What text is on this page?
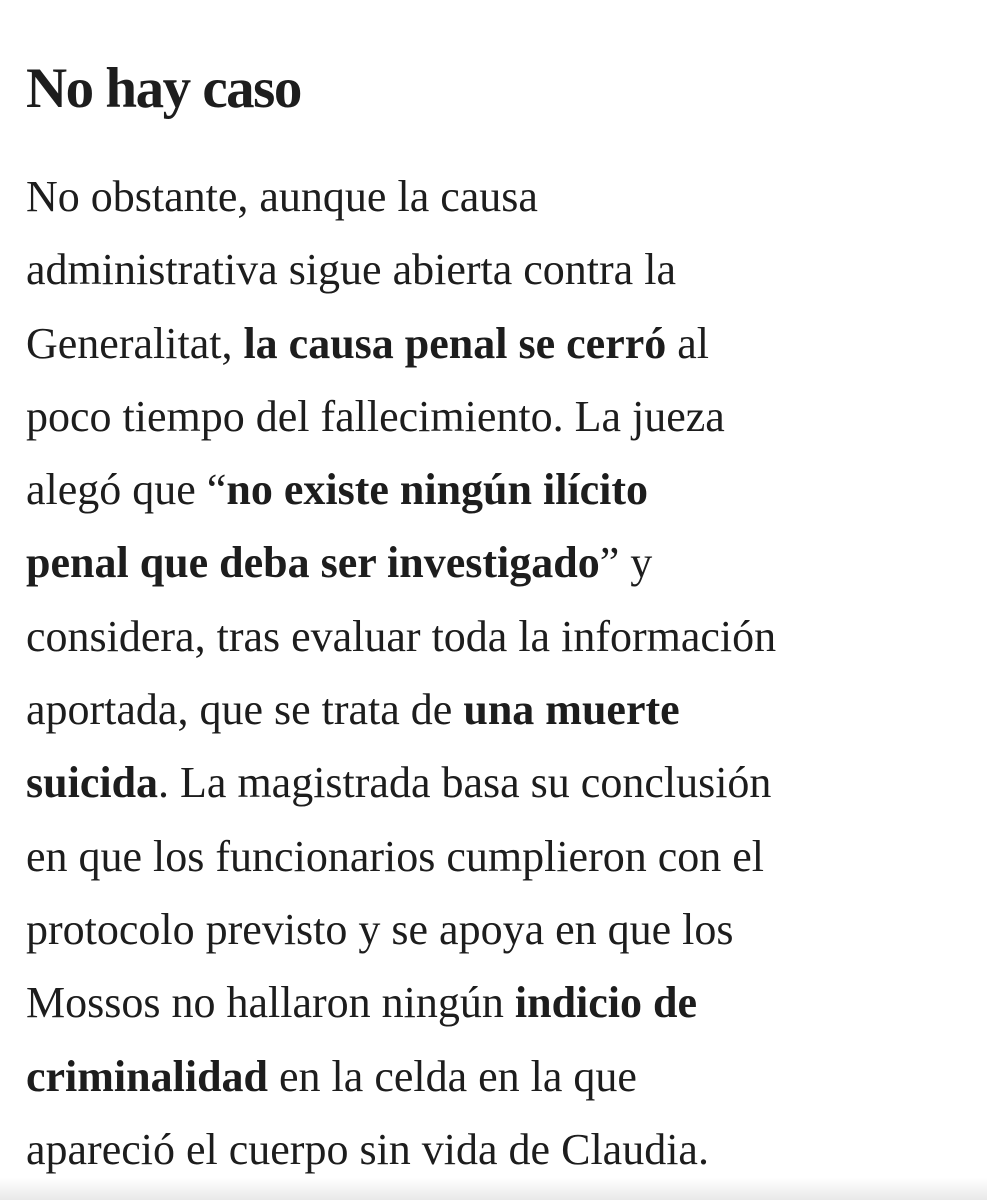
No hay caso
No obstante, aunque la causa
administrativa sigue abierta contra la
Generalitat, la causa penal se cerró al
poco tiempo del fallecimiento. La jueza
alegó que “no existe ningún ilícito
penal que deba ser investigado” y
considera, tras evaluar toda la información
aportada, que se trata de una muerte
suicida. La magistrada basa su conclusión
en que los funcionarios cumplieron con el
protocolo previsto y se apoya en que los
Mossos no hallaron ningún indicio de
criminalidad en la celda en la que
apareció el cuerpo sin vida de Claudia.
